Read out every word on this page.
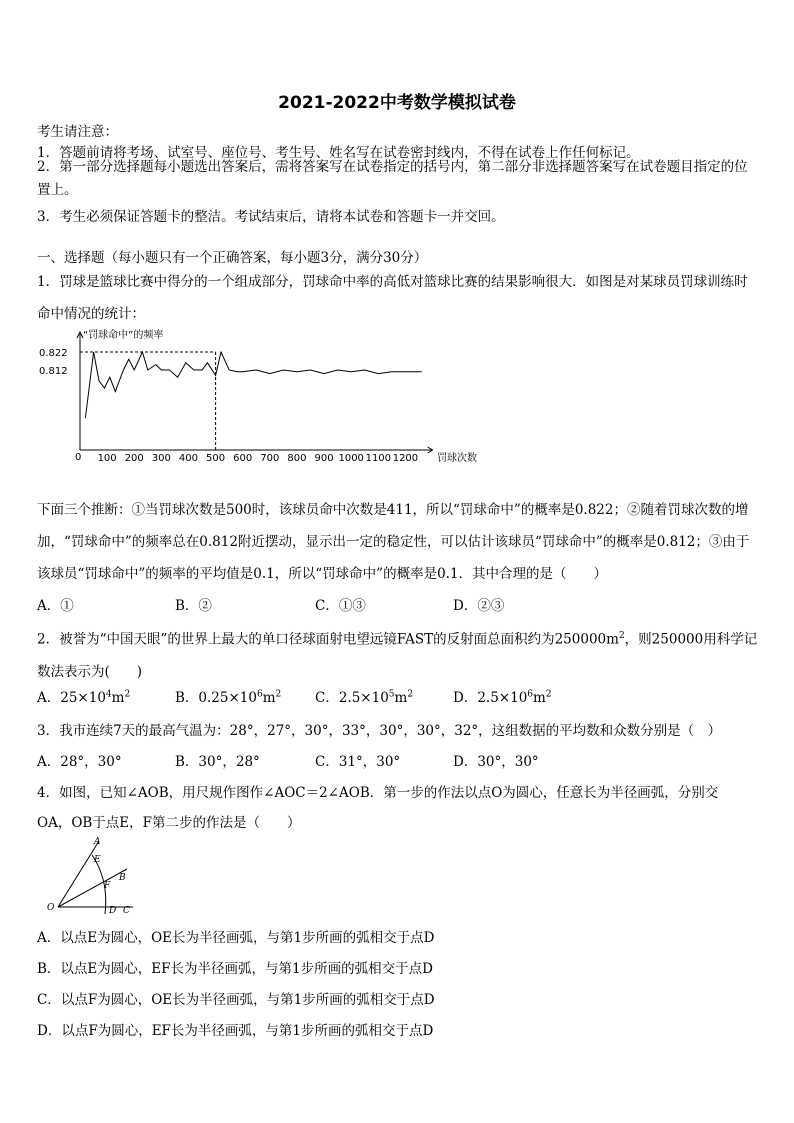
2021-2022中考数学模拟试卷
考生请注意：
1．答题前请将考场、试室号、座位号、考生号、姓名写在试卷密封线内，不得在试卷上作任何标记。
2．第一部分选择题每小题选出答案后，需将答案写在试卷指定的括号内，第二部分非选择题答案写在试卷题目指定的位置上。
3．考生必须保证答题卡的整洁。考试结束后，请将本试卷和答题卡一并交回。
一、选择题（每小题只有一个正确答案，每小题3分，满分30分）
1．罚球是篮球比赛中得分的一个组成部分，罚球命中率的高低对篮球比赛的结果影响很大．如图是对某球员罚球训练时命中情况的统计：
0.822
0.812
100 200 300 400 500 600 700 800 900 1000 1100 1200
“罚球命中”的频率
罚球次数
0
下面三个推断：①当罚球次数是500时，该球员命中次数是411，所以“罚球命中”的概率是0.822；②随着罚球次数的增加，“罚球命中”的频率总在0.812附近摆动，显示出一定的稳定性，可以估计该球员“罚球命中”的概率是0.812；③由于该球员“罚球命中”的频率的平均值是0.1，所以“罚球命中”的概率是0.1．其中合理的是（　　）
A．①	B．②	C．①③	D．②③
2．被誉为“中国天眼”的世界上最大的单口径球面射电望远镜FAST的反射面总面积约为$250000m^2$，则250000用科学记数法表示为(　　)
A．$25\times 10^4m^2$	B．$0.25\times 10^6m^2$ C．$2.5\times 10^5m^2$	D．$2.5\times 10^6m^2$
3．我市连续7天的最高气温为：28°，27°，30°，33°，30°，30°，32°，这组数据的平均数和众数分别是（　）
A．28°，30°	B．30°，28°	C．31°，30°	D．30°，30°
4．如图，已知∠AOB，用尺规作图作∠AOC＝2∠AOB．第一步的作法以点O为圆心，任意长为半径画弧，分别交
OA，OB于点E，F第二步的作法是（　　）
A
E
B
F
O	D C
A．以点E为圆心，OE长为半径画弧，与第1步所画的弧相交于点D
B．以点E为圆心，EF长为半径画弧，与第1步所画的弧相交于点D
C．以点F为圆心，OE长为半径画弧，与第1步所画的弧相交于点D
D．以点F为圆心，EF长为半径画弧，与第1步所画的弧相交于点D
